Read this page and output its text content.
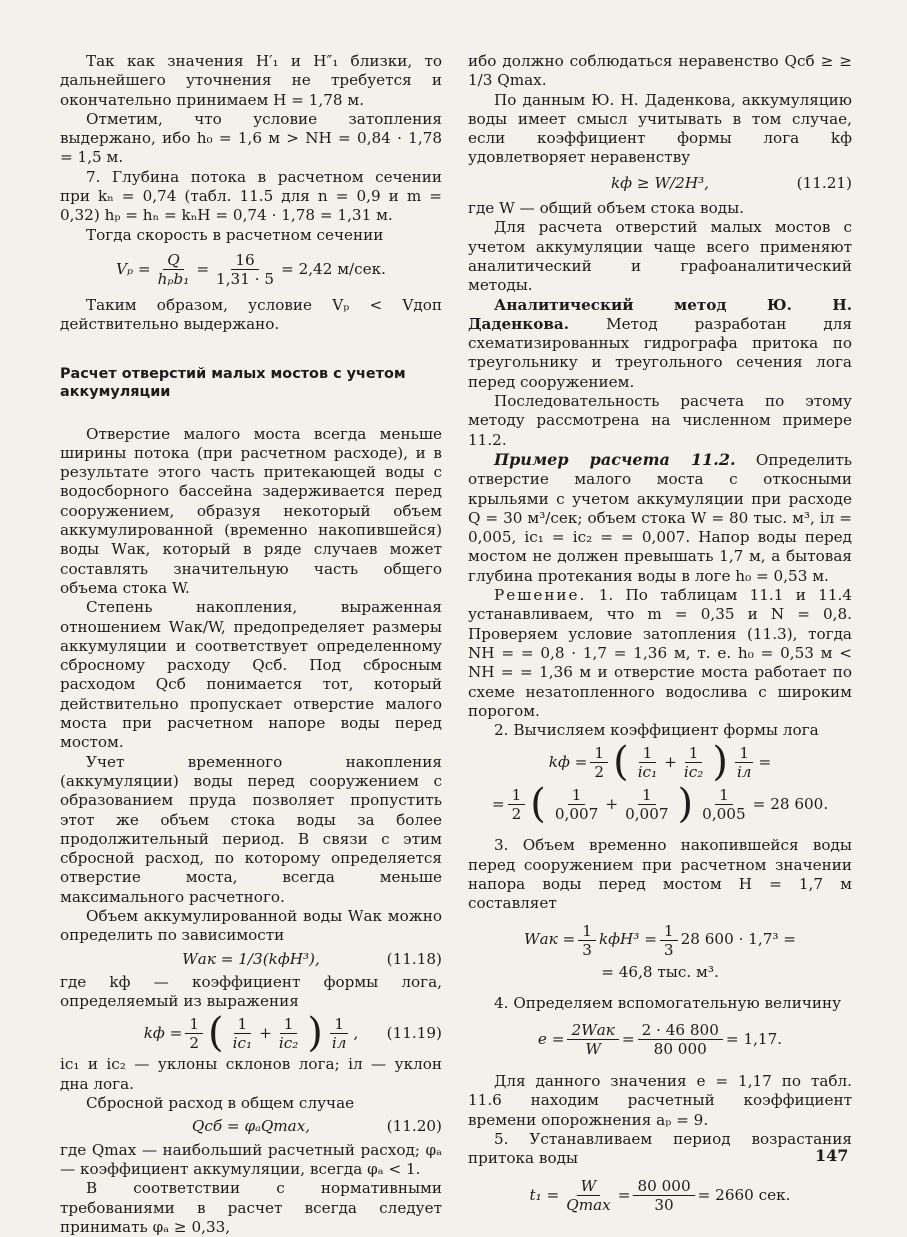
Так как значения H′₁ и H″₁ близки, то дальнейшего уточнения не требуется и окончательно принимаем H = 1,78 м.

Отметим, что условие затопления выдержано, ибо h₀ = 1,6 м > NH = 0,84 · 1,78 = 1,5 м.

7. Глубина потока в расчетном сечении при kₙ = 0,74 (табл. 11.5 для n = 0,9 и m = 0,32) hₚ = hₙ = kₙH = 0,74 · 1,78 = 1,31 м.

Тогда скорость в расчетном сечении

$V_p = \frac{Q}{\text{hₚb₁}} = \frac{16}{1,31 \cdot 5} = 2,42$ м/сек.

Таким образом, условие Vₚ < Vдоп действительно выдержано.

Расчет отверстий малых мостов с учетом аккумуляции

Отверстие малого моста всегда меньше ширины потока (при расчетном расходе), и в результате этого часть притекающей воды с водосборного бассейна задерживается перед сооружением, образуя некоторый объем аккумулированной (временно накопившейся) воды Wак, который в ряде случаев может составлять значительную часть общего объема стока W.

Степень накопления, выраженная отношением Wак/W, предопределяет размеры аккумуляции и соответствует определенному сбросному расходу Qсб. Под сбросным расходом Qсб понимается тот, который действительно пропускает отверстие малого моста при расчетном напоре воды перед мостом.

Учет временного накопления (аккумуляции) воды перед сооружением с образованием пруда позволяет пропустить этот же объем стока воды за более продолжительный период. В связи с этим сбросной расход, по которому определяется отверстие моста, всегда меньше максимального расчетного.

Объем аккумулированной воды Wак можно определить по зависимости

Wак = 1/3(kфH³),	(11.18)

где kф — коэффициент формы лога, определяемый из выражения

kф = $\frac{1}{2}$ ( $\frac{1}{\text{iс₁}} + \frac{1}{\text{iс₂}}$ ) $\frac{1}{iл}$ , (11.19)

iс₁ и iс₂ — уклоны склонов лога; iл — уклон дна лога.

Сбросной расход в общем случае

Qсб = φₐQmax,	(11.20)

где Qmax — наибольший расчетный расход; φₐ — коэффициент аккумуляции, всегда φₐ < 1.

В соответствии с нормативными требованиями в расчет всегда следует принимать φₐ ≥ 0,33,

ибо должно соблюдаться неравенство Qсб ≥ ≥ 1/3 Qmax.

По данным Ю. Н. Даденкова, аккумуляцию воды имеет смысл учитывать в том случае, если коэффициент формы лога kф удовлетворяет неравенству

kф ≥ W/2H³,	(11.21)

где W — общий объем стока воды.

Для расчета отверстий малых мостов с учетом аккумуляции чаще всего применяют аналитический и графоаналитический методы.

Аналитический метод Ю. Н. Даденкова. Метод разработан для схематизированных гидрографа притока по треугольнику и треугольного сечения лога перед сооружением.

Последовательность расчета по этому методу рассмотрена на численном примере 11.2.

Пример расчета 11.2. Определить отверстие малого моста с откосными крыльями с учетом аккумуляции при расходе Q = 30 м³/сек; объем стока W = 80 тыс. м³, iл = 0,005, iс₁ = iс₂ = = 0,007. Напор воды перед мостом не должен превышать 1,7 м, а бытовая глубина протекания воды в логе h₀ = 0,53 м.

Решение. 1. По таблицам 11.1 и 11.4 устанавливаем, что m = 0,35 и N = 0,8. Проверяем условие затопления (11.3), тогда NH = = 0,8 · 1,7 = 1,36 м, т. е. h₀ = 0,53 м < NH = = 1,36 м и отверстие моста работает по схеме незатопленного водослива с широким порогом.

2. Вычисляем коэффициент формы лога

kф = $\frac{1}{2}$ ( $\frac{1}{\text{iс₁}} + \frac{1}{\text{iс₂}}$ ) $\frac{1}{iл}$ =
= $\frac{1}{2}$ ( $\frac{1}{0,007} + \frac{1}{0,007}$ ) $\frac{1}{0,005} = 28$ 600.

3. Объем временно накопившейся воды перед сооружением при расчетном значении напора воды перед мостом H = 1,7 м составляет

Wак = $\frac{1}{3} kфH^3 = \frac{1}{3} 28$ 600 · 1,7³ =
= 46,8 тыс. м³.

4. Определяем вспомогательную величину

$e = \frac{\text{2Wак}}{W} = \frac{2 \cdot 46 800}{80 000} = 1,17$.

Для данного значения e = 1,17 по табл. 11.6 находим расчетный коэффициент времени опорожнения aₚ = 9.

5. Устанавливаем период возрастания притока воды

$t_1 = \frac{W}{Qmax} = \frac{80 000}{30} = 2660$ сек.
147
